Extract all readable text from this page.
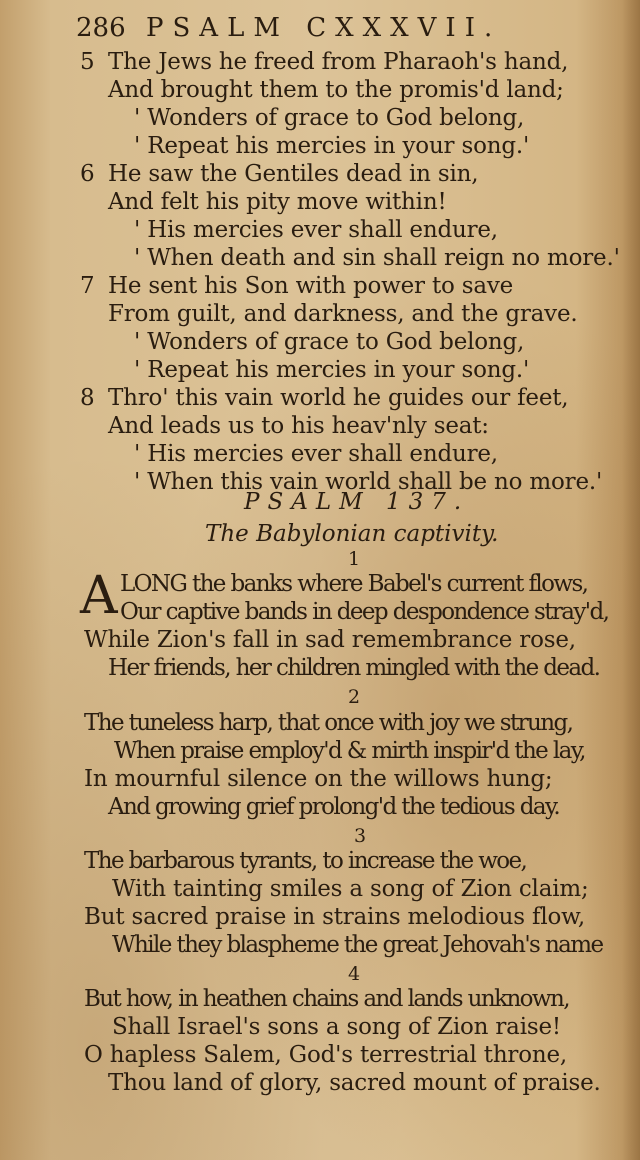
286 PSALM CXXXVII.
5 The Jews he freed from Pharaoh's hand,
And brought them to the promis'd land;
' Wonders of grace to God belong,
' Repeat his mercies in your song.'
6 He saw the Gentiles dead in sin,
And felt his pity move within!
' His mercies ever shall endure,
' When death and sin shall reign no more.'
7 He sent his Son with power to save
From guilt, and darkness, and the grave.
' Wonders of grace to God belong,
' Repeat his mercies in your song.'
8 Thro' this vain world he guides our feet,
And leads us to his heav'nly seat:
' His mercies ever shall endure,
' When this vain world shall be no more.'
PSALM 137.
The Babylonian captivity.
1
A LONG the banks where Babel's current flows,
Our captive bands in deep despondence stray'd,
While Zion's fall in sad remembrance rose,
Her friends, her children mingled with the dead.
2
The tuneless harp, that once with joy we strung,
When praise employ'd & mirth inspir'd the lay,
In mournful silence on the willows hung;
And growing grief prolong'd the tedious day.
3
The barbarous tyrants, to increase the woe,
With tainting smiles a song of Zion claim;
But sacred praise in strains melodious flow,
While they blaspheme the great Jehovah's name
4
But how, in heathen chains and lands unknown,
Shall Israel's sons a song of Zion raise!
O hapless Salem, God's terrestrial throne,
Thou land of glory, sacred mount of praise.
